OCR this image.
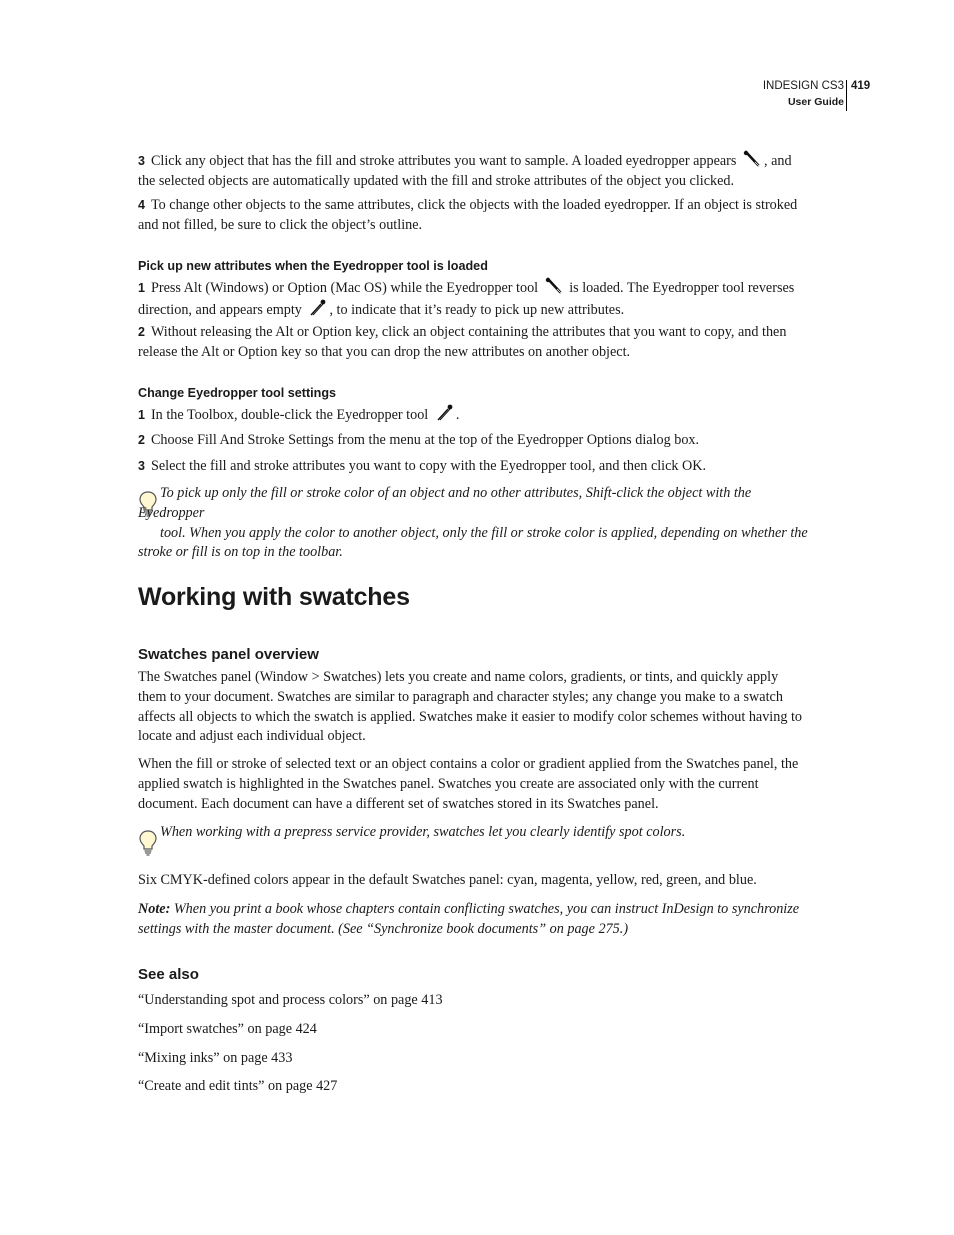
INDESIGN CS3
User Guide
419
3 Click any object that has the fill and stroke attributes you want to sample. A loaded eyedropper appears , and
the selected objects are automatically updated with the fill and stroke attributes of the object you clicked.
4 To change other objects to the same attributes, click the objects with the loaded eyedropper. If an object is stroked
and not filled, be sure to click the object’s outline.
Pick up new attributes when the Eyedropper tool is loaded
1 Press Alt (Windows) or Option (Mac OS) while the Eyedropper tool is loaded. The Eyedropper tool reverses
direction, and appears empty , to indicate that it’s ready to pick up new attributes.
2 Without releasing the Alt or Option key, click an object containing the attributes that you want to copy, and then
release the Alt or Option key so that you can drop the new attributes on another object.
Change Eyedropper tool settings
1 In the Toolbox, double-click the Eyedropper tool .
2 Choose Fill And Stroke Settings from the menu at the top of the Eyedropper Options dialog box.
3 Select the fill and stroke attributes you want to copy with the Eyedropper tool, and then click OK.
To pick up only the fill or stroke color of an object and no other attributes, Shift-click the object with the Eyedropper
tool. When you apply the color to another object, only the fill or stroke color is applied, depending on whether the
stroke or fill is on top in the toolbar.
Working with swatches
Swatches panel overview
The Swatches panel (Window > Swatches) lets you create and name colors, gradients, or tints, and quickly apply
them to your document. Swatches are similar to paragraph and character styles; any change you make to a swatch
affects all objects to which the swatch is applied. Swatches make it easier to modify color schemes without having to
locate and adjust each individual object.
When the fill or stroke of selected text or an object contains a color or gradient applied from the Swatches panel, the
applied swatch is highlighted in the Swatches panel. Swatches you create are associated only with the current
document. Each document can have a different set of swatches stored in its Swatches panel.
When working with a prepress service provider, swatches let you clearly identify spot colors.
Six CMYK-defined colors appear in the default Swatches panel: cyan, magenta, yellow, red, green, and blue.
Note: When you print a book whose chapters contain conflicting swatches, you can instruct InDesign to synchronize
settings with the master document. (See “Synchronize book documents” on page 275.)
See also
“Understanding spot and process colors” on page 413
“Import swatches” on page 424
“Mixing inks” on page 433
“Create and edit tints” on page 427
